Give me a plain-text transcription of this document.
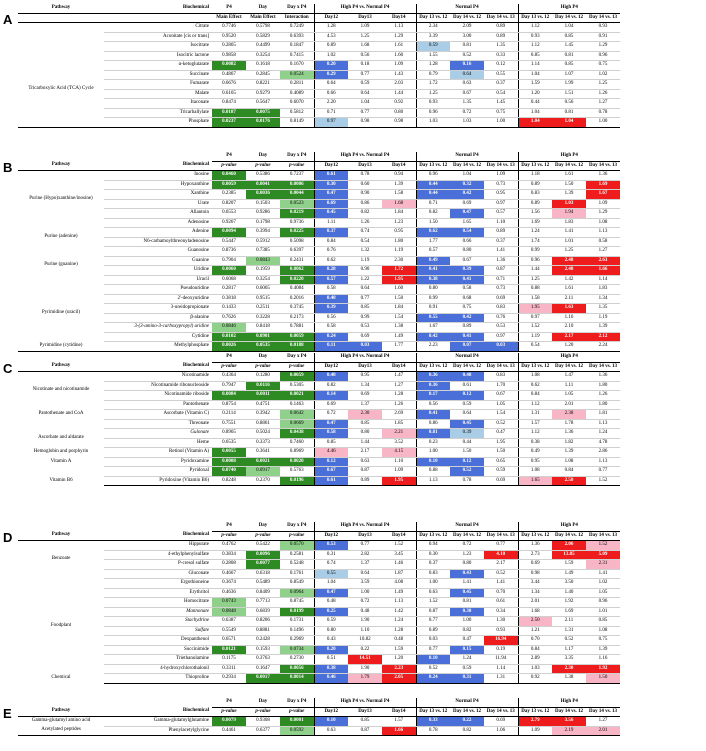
A
Pathway	Biochemical	P4	Day	Day x P4	High P4 vs. Normal P4			Normal P4			High P4		
		Main Effect	Main Effect	Interaction	Day12	Day13	Day14	Day 13 vs. 12	Day 14 vs. 12	Day 14 vs. 13	Day 13 vs. 12	Day 14 vs. 12	Day 14 vs. 13
	Citrate	0.7746	0.5798	0.7249	1.28	1.09	1.13	2.34	2.09	0.89	1.12	1.04	0.93
	Aconitate [cis or trans]	0.9520	0.5829	0.6393	4.53	1.25	1.29	3.39	3.00	0.89	0.93	0.85	0.91
	Isocitrate	0.2865	0.4499	0.1847	0.89	1.68	1.61	0.59	0.81	1.35	1.12	1.45	1.29
	Isocitric lactone	0.9858	0.3254	0.7415	1.02	0.56	1.60	1.55	0.52	0.33	0.85	0.81	0.96
Tricarboxylic Acid (TCA) Cycle	α-ketoglutarate	0.0082	0.1618	0.1670	0.20	0.18	1.09	1.28	0.16	0.12	1.14	0.85	0.75
	Succinate	0.4867	0.2845	0.0524	0.29	0.77	1.43	0.79	0.64	0.55	1.04	1.07	1.02
	Fumarate	0.6676	0.8221	0.2811	0.64	0.59	2.03	1.72	0.63	0.37	1.59	1.99	1.25
	Malate	0.6165	0.9279	0.4089	0.66	0.64	1.44	1.25	0.67	0.54	1.20	1.51	1.26
	Itaconate	0.8474	0.5647	0.6070	2.20	1.04	0.92	0.93	1.35	1.45	0.44	0.56	1.27
	Tricarballylate	0.0187	0.0075	0.5812	0.71	0.77	0.80	0.96	0.72	0.75	1.04	0.81	0.78
	Phosphate	0.0237	0.0176	0.8149	0.97	0.98	0.98	1.03	1.03	1.00	1.04	1.04	1.00
B
		P4	Day	Day x P4	High P4 vs. Normal P4			Normal P4			High P4		
Pathway	Biochemical	p-value	p-value	p-value	Day12	Day13	Day14	Day 13 vs. 12	Day 14 vs. 12	Day 14 vs. 13	Day 13 vs. 12	Day 14 vs. 12	Day 14 vs. 13
	Inosine	0.0460	0.5386	0.7237	0.61	0.78	0.94	0.96	1.04	1.09	1.18	1.61	1.36
	Hypoxanthine	0.0059	0.0041	0.0006	0.30	0.60	1.39	0.44	0.32	0.73	0.89	1.50	1.69
Purine (Hypo)xanthine/inosine)	Xanthine	0.2385	0.0036	0.0044	0.47	0.90	1.58	0.44	0.42	0.95	0.83	1.39	1.67
	Urate	0.8207	0.1503	0.0523	0.69	0.86	1.68	0.71	0.69	0.97	0.89	1.03	1.09
	Allantoin	0.6553	0.9286	0.0219	0.45	0.82	1.84	0.82	0.47	0.57	1.56	1.94	1.29
	Adenosine	0.9267	0.1798	0.9736	1.11	1.26	1.23	1.50	1.65	1.10	1.69	1.83	1.08
Purine (adenine)	Adenine	0.0094	0.3994	0.0225	0.37	0.74	0.95	0.62	0.54	0.89	1.24	1.41	1.13
	N6-carbamoylthreonyladenosine	0.5447	0.5912	0.5098	0.84	0.54	1.80	1.77	0.66	0.37	1.74	1.01	0.58
	Guanosine	0.8736	0.7385	0.6397	0.76	1.32	1.19	0.57	0.80	1.41	0.99	1.25	1.27
Purine (guanine)	Guanine	0.7904	0.0843	0.2431	0.62	1.19	2.30	0.49	0.67	1.36	0.96	2.48	2.63
	Uridine	0.0060	0.1959	0.0062	0.28	0.90	1.72	0.41	0.39	0.87	1.44	2.48	1.66
	Uracil	0.6068	0.3254	0.0220	0.57	1.22	1.95	0.38	0.41	0.71	1.25	1.42	1.14
	Pseudouridine	0.2817	0.6065	0.4084	0.58	0.64	1.60	0.80	0.58	0.73	0.88	1.61	1.83
	2'-deoxyuridine	0.3818	0.9515	0.2016	0.48	0.77	1.50	0.99	0.68	0.69	1.58	2.11	1.34
Pyrimidine (uracil)	3-ureidopropionate	0.1433	0.2511	0.3745	0.39	0.85	1.84	0.91	0.75	0.83	1.95	1.63	1.35
	β-alanine	0.7626	0.3228	0.2173	0.56	0.99	1.54	0.55	0.42	0.76	0.97	1.16	1.19
	3-(3-amino-3-carboxypropyl) uridine	0.0846	0.8418	0.7881	0.58	0.53	1.38	1.67	0.89	0.53	1.52	2.10	1.39
	Cytidine	0.0102	0.0901	0.0059	0.24	0.69	1.49	0.42	0.41	0.97	1.19	2.17	2.12
Pyrimidine (cytidine)	Methylphosphate	0.0026	0.0535	0.0188	0.11	0.03	1.77	2.23	0.07	0.03	0.54	1.20	2.24
C
		P4	Day	Day x P4	High P4 vs. Normal P4			Normal P4			High P4		
Pathway	Biochemical	p-value	p-value	p-value	Day12	Day13	Day14	Day 13 vs. 12	Day 14 vs. 12	Day 14 vs. 13	Day 13 vs. 12	Day 14 vs. 12	Day 14 vs. 13
	Nicotinamide	0.4364	0.1280	0.0059	0.48	0.95	1.47	0.36	0.48	0.83	1.08	1.47	1.36
Nicotinate and nicotinamide	Nicotinamide ribonucleoside	0.7947	0.0116	0.5305	0.82	1.34	1.27	0.36	0.61	1.70	0.62	1.11	1.80
	Nicotinamide riboside	0.0084	0.0011	0.0021	0.14	0.69	1.28	0.17	0.12	0.67	0.84	1.05	1.26
	Pantothenate	0.8754	0.4751	0.1463	0.69	1.37	1.26	0.56	0.59	1.05	1.12	2.01	1.80
Pantothenate and CoA	Ascorbate (Vitamin C)	0.2114	0.3942	0.0642	0.72	2.30	2.69	0.41	0.64	1.54	1.31	2.38	1.81
	Threonate	0.7551	0.8861	0.0669	0.47	0.85	1.85	0.86	0.45	0.52	1.57	1.78	1.13
Ascorbate and aldarate	Gulonate	0.8965	0.5024	0.0438	0.58	0.80	2.21	0.81	0.39	0.47	1.12	1.36	1.24
	Heme	0.6535	0.3373	0.7460	0.85	1.44	3.52	0.23	0.44	1.95	0.38	1.82	4.78
Hemoglobin and porphyrin	Retinol (Vitamin A)	0.0055	0.3641	0.8969	4.46	2.17	4.15	1.00	1.50	1.50	0.49	1.39	2.86
Vitamin A	Pyridoxamine	0.0008	0.0021	0.0020	0.12	0.63	1.10	0.10	0.12	0.65	0.95	1.08	1.13
	Pyridoxal	0.0740	0.0917	0.5763	0.67	0.87	1.09	0.88	0.52	0.59	1.08	0.84	0.77
Vitamin B6	Pyridoxine (Vitamin B6)	0.8248	0.2370	0.0196	0.61	0.89	1.95	1.13	0.78	0.69	1.65	2.50	1.52
D
		P4	Day	Day x P4	High P4 vs. Normal P4			Normal P4			High P4		
Pathway	Biochemical	p-value	p-value	p-value	Day12	Day13	Day14	Day 13 vs. 12	Day 14 vs. 12	Day 14 vs. 13	Day 13 vs. 12	Day 14 vs. 12	Day 14 vs. 13
	Hippurate	0.4762	0.5422	0.0570	0.53	0.77	1.52	0.94	0.72	0.77	1.36	2.06	1.52
Benzoate	4-ethylphenylsulfate	0.3834	0.0096	0.2581	0.31	2.82	3.45	0.30	1.23	4.10	2.73	13.85	5.09
	P-cresol sulfate	0.2808	0.0077	0.5248	0.74	1.37	1.46	0.37	0.80	2.17	0.69	1.59	2.31
	Gluconate	0.4667	0.6318	0.1761	0.55	0.64	1.87	0.83	0.43	0.52	0.98	1.49	1.41
	Ergothioneine	0.3674	0.5489	0.8549	1.04	3.59	4.08	1.00	1.41	1.41	3.44	3.50	1.02
	Erythritol	0.4636	0.8409	0.0964	0.47	1.00	1.49	0.63	0.45	0.70	1.34	1.40	1.05
	Homocitrate	0.0743	0.7713	0.8745	0.48	0.72	1.13	1.52	0.81	0.61	2.01	1.92	0.96
	Mannonate	0.0848	0.6839	0.0199	0.25	0.48	1.42	0.87	0.30	0.34	1.68	1.69	1.01
Foodplant	Stachydrine	0.6387	0.8206	0.1731	0.59	1.90	1.24	0.77	1.00	1.30	2.50	2.11	0.85
	Sulfate	0.5549	0.8881	0.1496	0.80	1.10	1.28	0.89	0.82	0.93	1.21	1.31	1.08
	Dexpanthenol	0.6571	0.2428	0.2969	0.43	10.82	0.48	0.03	0.47	16.94	0.70	0.52	0.75
	Succinimide	0.0121	0.1593	0.0734	0.20	0.22	1.59	0.77	0.15	0.19	0.84	1.17	1.39
	Triethanolamine	0.1175	0.3763	0.2730	0.51	14.51	1.20	0.10	1.24	11.94	2.89	3.35	1.16
	4-hydroxychlorothalonil	0.3311	0.1647	0.0056	0.38	1.90	2.23	0.52	0.59	1.14	1.03	2.30	1.92
Chemical	Thioproline	0.2934	0.0017	0.0014	0.46	1.79	2.05	0.24	0.31	1.31	0.92	1.38	1.50
E
		P4	Day	Day x P4	High P4 vs. Normal P4			Normal P4			High P4		
Pathway	Biochemical	p-value	p-value	p-value	Day12	Day13	Day14	Day 13 vs. 12	Day 14 vs. 12	Day 14 vs. 13	Day 13 vs. 12	Day 14 vs. 12	Day 14 vs. 13
Gamma-glutamyl amino acid	Gamma-glutamylglutamine	0.0079	0.9308	0.0001	0.10	0.85	1.57	0.33	0.22	0.69	2.79	3.56	1.27
Acetylated peptides	Phenylacetylglycine	0.4461	0.6377	0.0592	0.63	0.87	1.66	0.78	0.82	1.06	1.09	2.19	2.01
